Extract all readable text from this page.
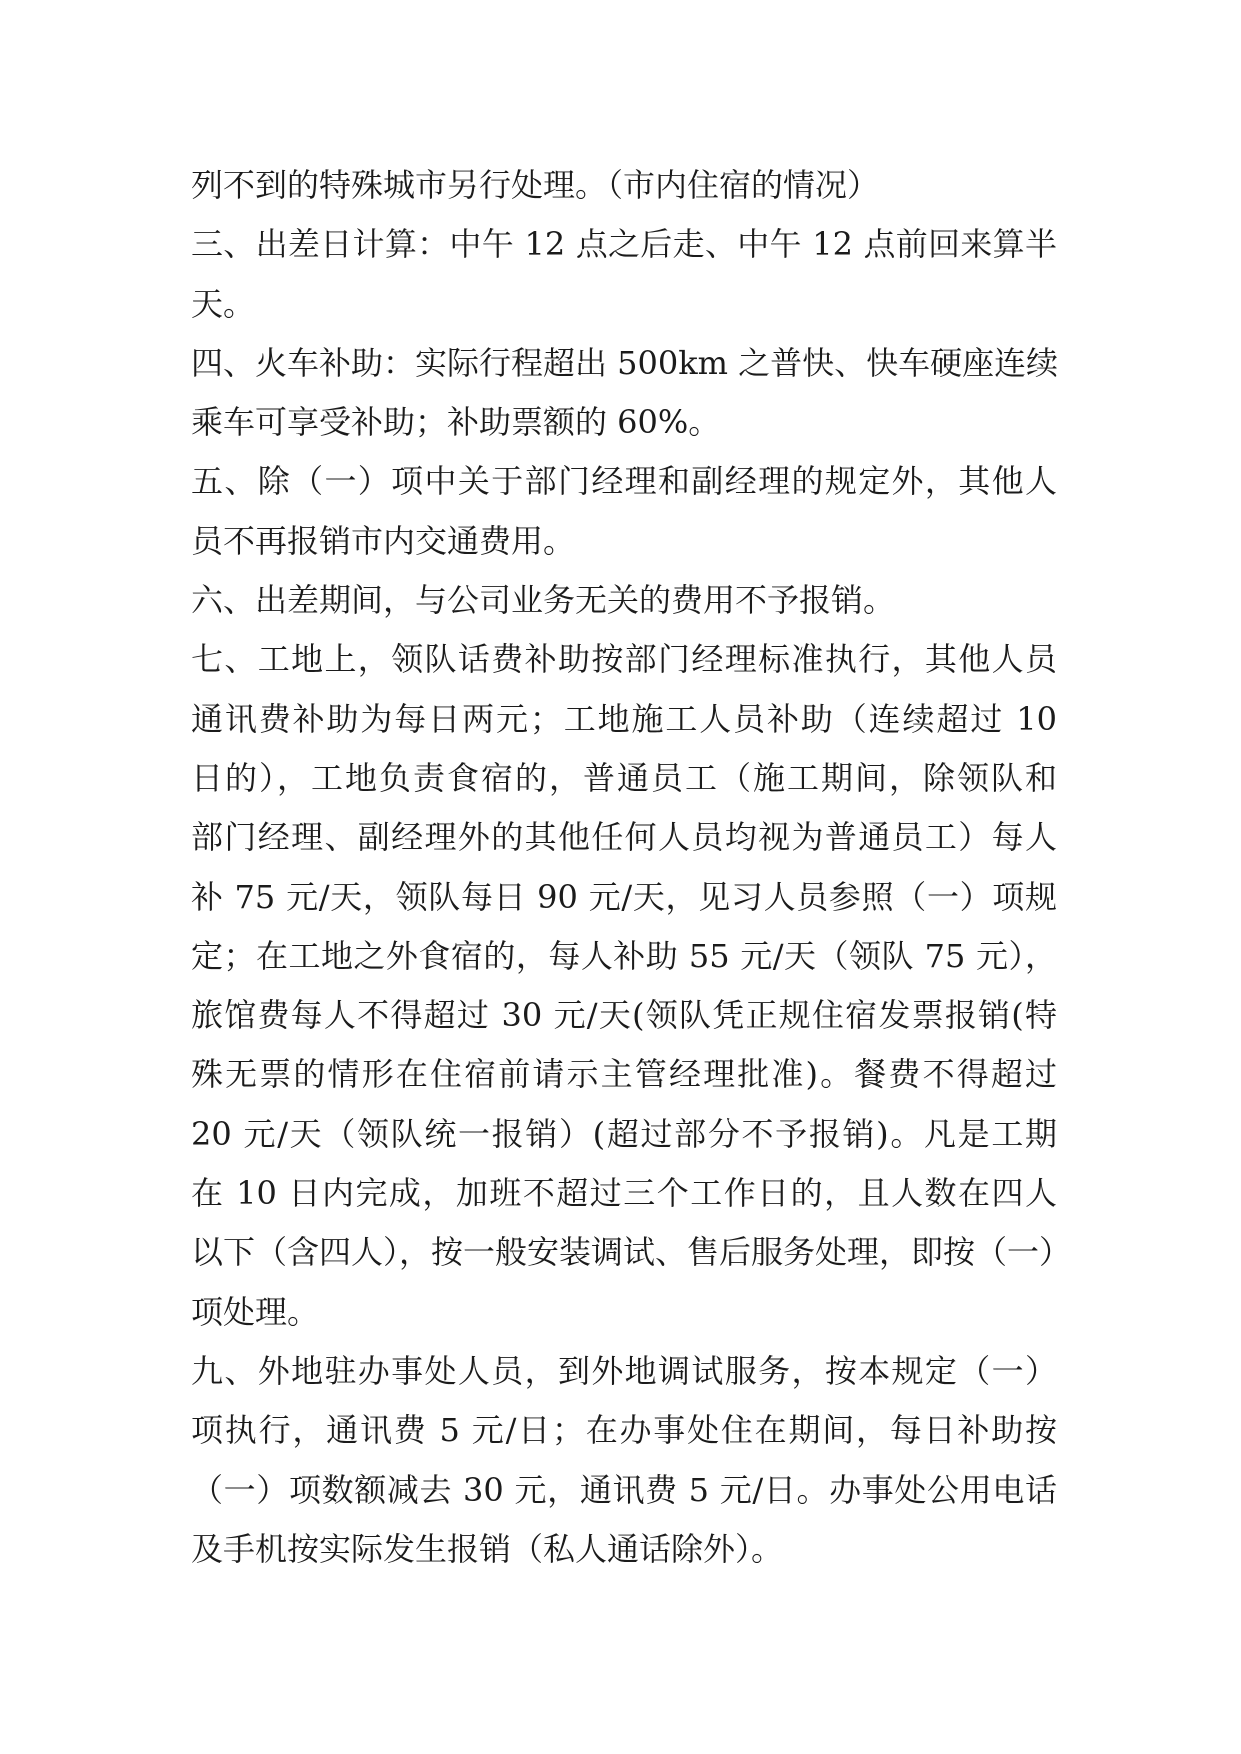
列不到的特殊城市另行处理。（市内住宿的情况）
三、出差日计算：中午 12 点之后走、中午 12 点前回来算半
天。
四、火车补助：实际行程超出 500km 之普快、快车硬座连续
乘车可享受补助；补助票额的 60%。
五、除（一）项中关于部门经理和副经理的规定外，其他人
员不再报销市内交通费用。
六、出差期间，与公司业务无关的费用不予报销。
七、工地上，领队话费补助按部门经理标准执行，其他人员
通讯费补助为每日两元；工地施工人员补助（连续超过 10
日的），工地负责食宿的，普通员工（施工期间，除领队和
部门经理、副经理外的其他任何人员均视为普通员工）每人
补 75 元/天，领队每日 90 元/天，见习人员参照（一）项规
定；在工地之外食宿的，每人补助 55 元/天（领队 75 元），
旅馆费每人不得超过 30 元/天(领队凭正规住宿发票报销(特
殊无票的情形在住宿前请示主管经理批准)。餐费不得超过
20 元/天（领队统一报销）(超过部分不予报销)。凡是工期
在 10 日内完成，加班不超过三个工作日的，且人数在四人
以下（含四人），按一般安装调试、售后服务处理，即按（一）
项处理。
九、外地驻办事处人员，到外地调试服务，按本规定（一）
项执行，通讯费 5 元/日；在办事处住在期间，每日补助按
（一）项数额减去 30 元，通讯费 5 元/日。办事处公用电话
及手机按实际发生报销（私人通话除外）。
